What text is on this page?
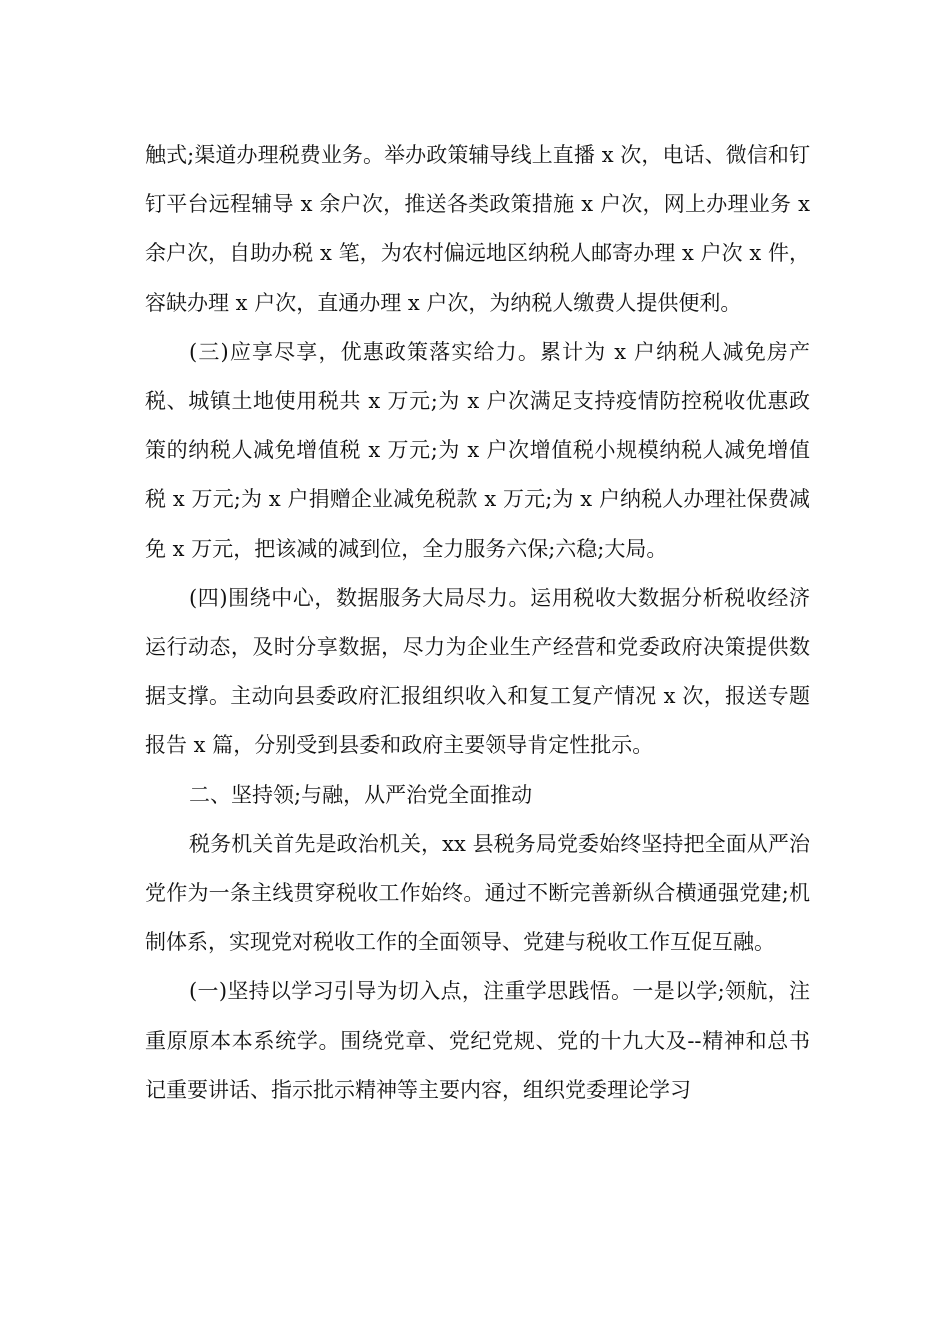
触式;渠道办理税费业务。举办政策辅导线上直播 x 次，电话、微信和钉钉平台远程辅导 x 余户次，推送各类政策措施 x 户次，网上办理业务 x 余户次，自助办税 x 笔，为农村偏远地区纳税人邮寄办理 x 户次 x 件，容缺办理 x 户次，直通办理 x 户次，为纳税人缴费人提供便利。

(三)应享尽享，优惠政策落实给力。累计为 x 户纳税人减免房产税、城镇土地使用税共 x 万元;为 x 户次满足支持疫情防控税收优惠政策的纳税人减免增值税 x 万元;为 x 户次增值税小规模纳税人减免增值税 x 万元;为 x 户捐赠企业减免税款 x 万元;为 x 户纳税人办理社保费减免 x 万元，把该减的减到位，全力服务六保;六稳;大局。

(四)围绕中心，数据服务大局尽力。运用税收大数据分析税收经济运行动态，及时分享数据，尽力为企业生产经营和党委政府决策提供数据支撑。主动向县委政府汇报组织收入和复工复产情况 x 次，报送专题报告 x 篇，分别受到县委和政府主要领导肯定性批示。

二、坚持领;与融，从严治党全面推动

税务机关首先是政治机关，xx 县税务局党委始终坚持把全面从严治党作为一条主线贯穿税收工作始终。通过不断完善新纵合横通强党建;机制体系，实现党对税收工作的全面领导、党建与税收工作互促互融。

(一)坚持以学习引导为切入点，注重学思践悟。一是以学;领航，注重原原本本系统学。围绕党章、党纪党规、党的十九大及--精神和总书记重要讲话、指示批示精神等主要内容，组织党委理论学习
